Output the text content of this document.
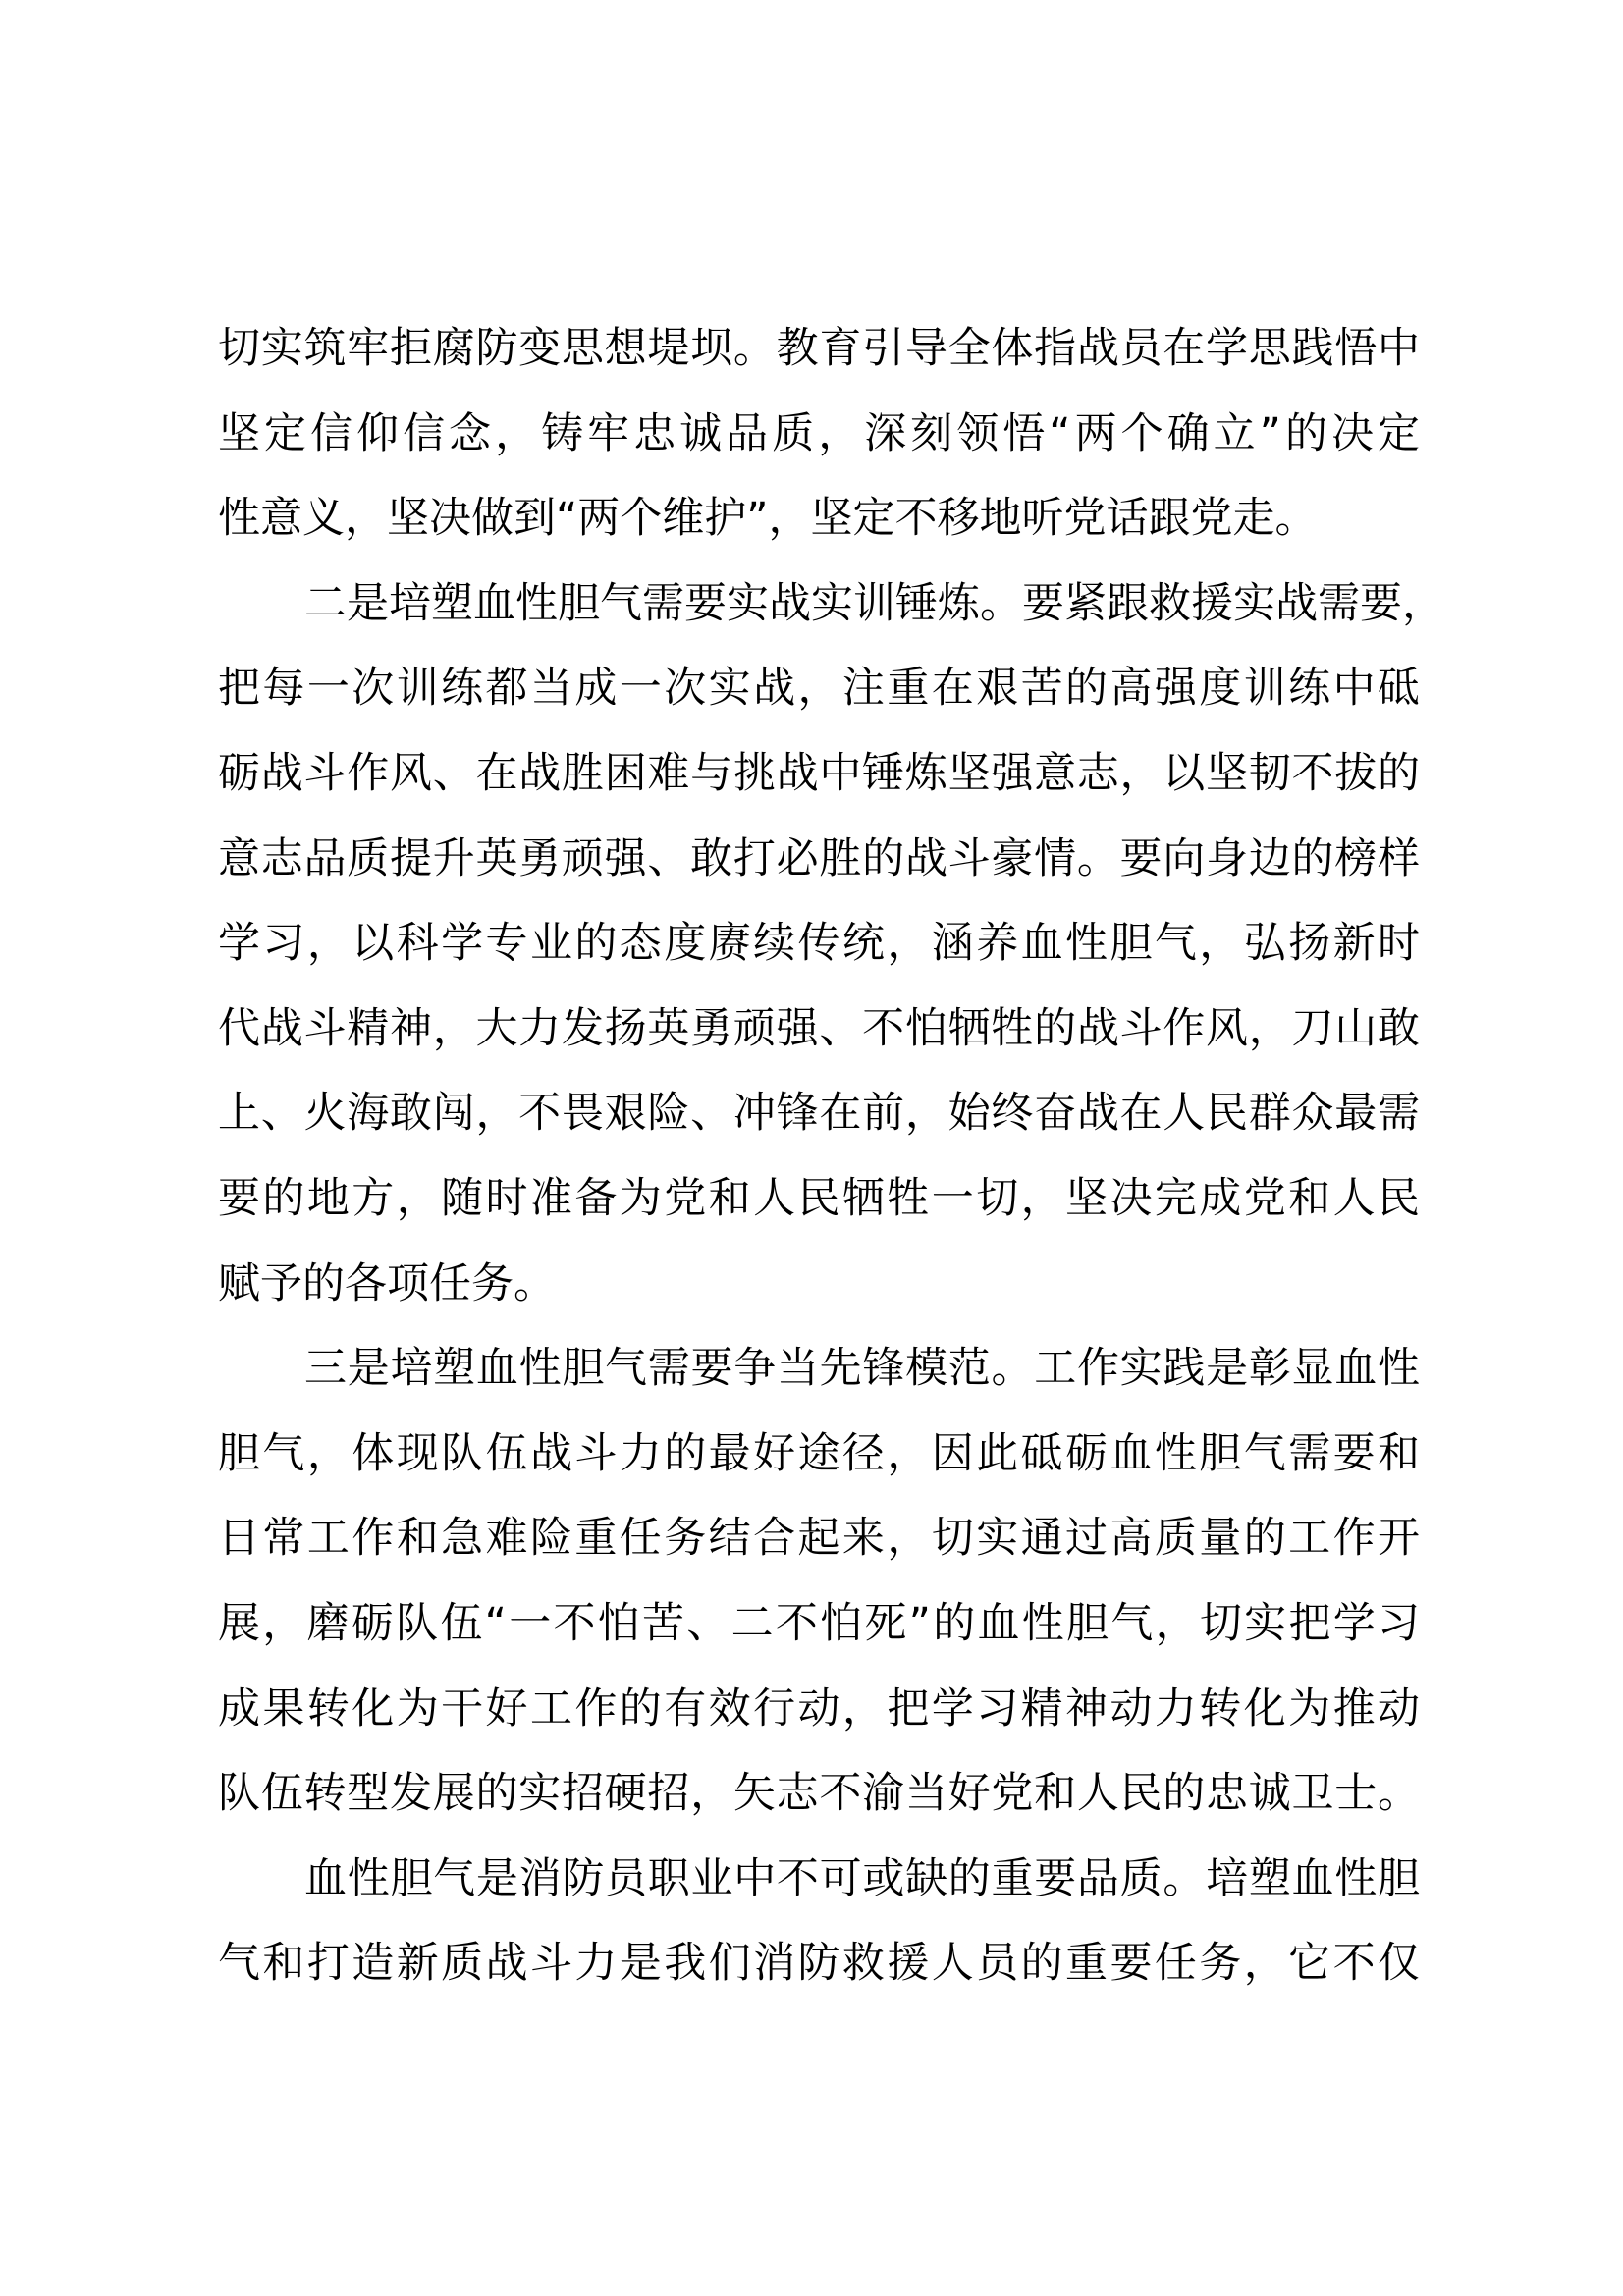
切实筑牢拒腐防变思想堤坝。教育引导全体指战员在学思践悟中
坚定信仰信念，铸牢忠诚品质，深刻领悟“两个确立”的决定
性意义，坚决做到“两个维护”，坚定不移地听党话跟党走。
二是培塑血性胆气需要实战实训锤炼。要紧跟救援实战需要，
把每一次训练都当成一次实战，注重在艰苦的高强度训练中砥
砺战斗作风、在战胜困难与挑战中锤炼坚强意志，以坚韧不拔的
意志品质提升英勇顽强、敢打必胜的战斗豪情。要向身边的榜样
学习，以科学专业的态度赓续传统，涵养血性胆气，弘扬新时
代战斗精神，大力发扬英勇顽强、不怕牺牲的战斗作风，刀山敢
上、火海敢闯，不畏艰险、冲锋在前，始终奋战在人民群众最需
要的地方，随时准备为党和人民牺牲一切，坚决完成党和人民
赋予的各项任务。
三是培塑血性胆气需要争当先锋模范。工作实践是彰显血性
胆气，体现队伍战斗力的最好途径，因此砥砺血性胆气需要和
日常工作和急难险重任务结合起来，切实通过高质量的工作开
展，磨砺队伍“一不怕苦、二不怕死”的血性胆气，切实把学习
成果转化为干好工作的有效行动，把学习精神动力转化为推动
队伍转型发展的实招硬招，矢志不渝当好党和人民的忠诚卫士。
血性胆气是消防员职业中不可或缺的重要品质。培塑血性胆
气和打造新质战斗力是我们消防救援人员的重要任务，它不仅
